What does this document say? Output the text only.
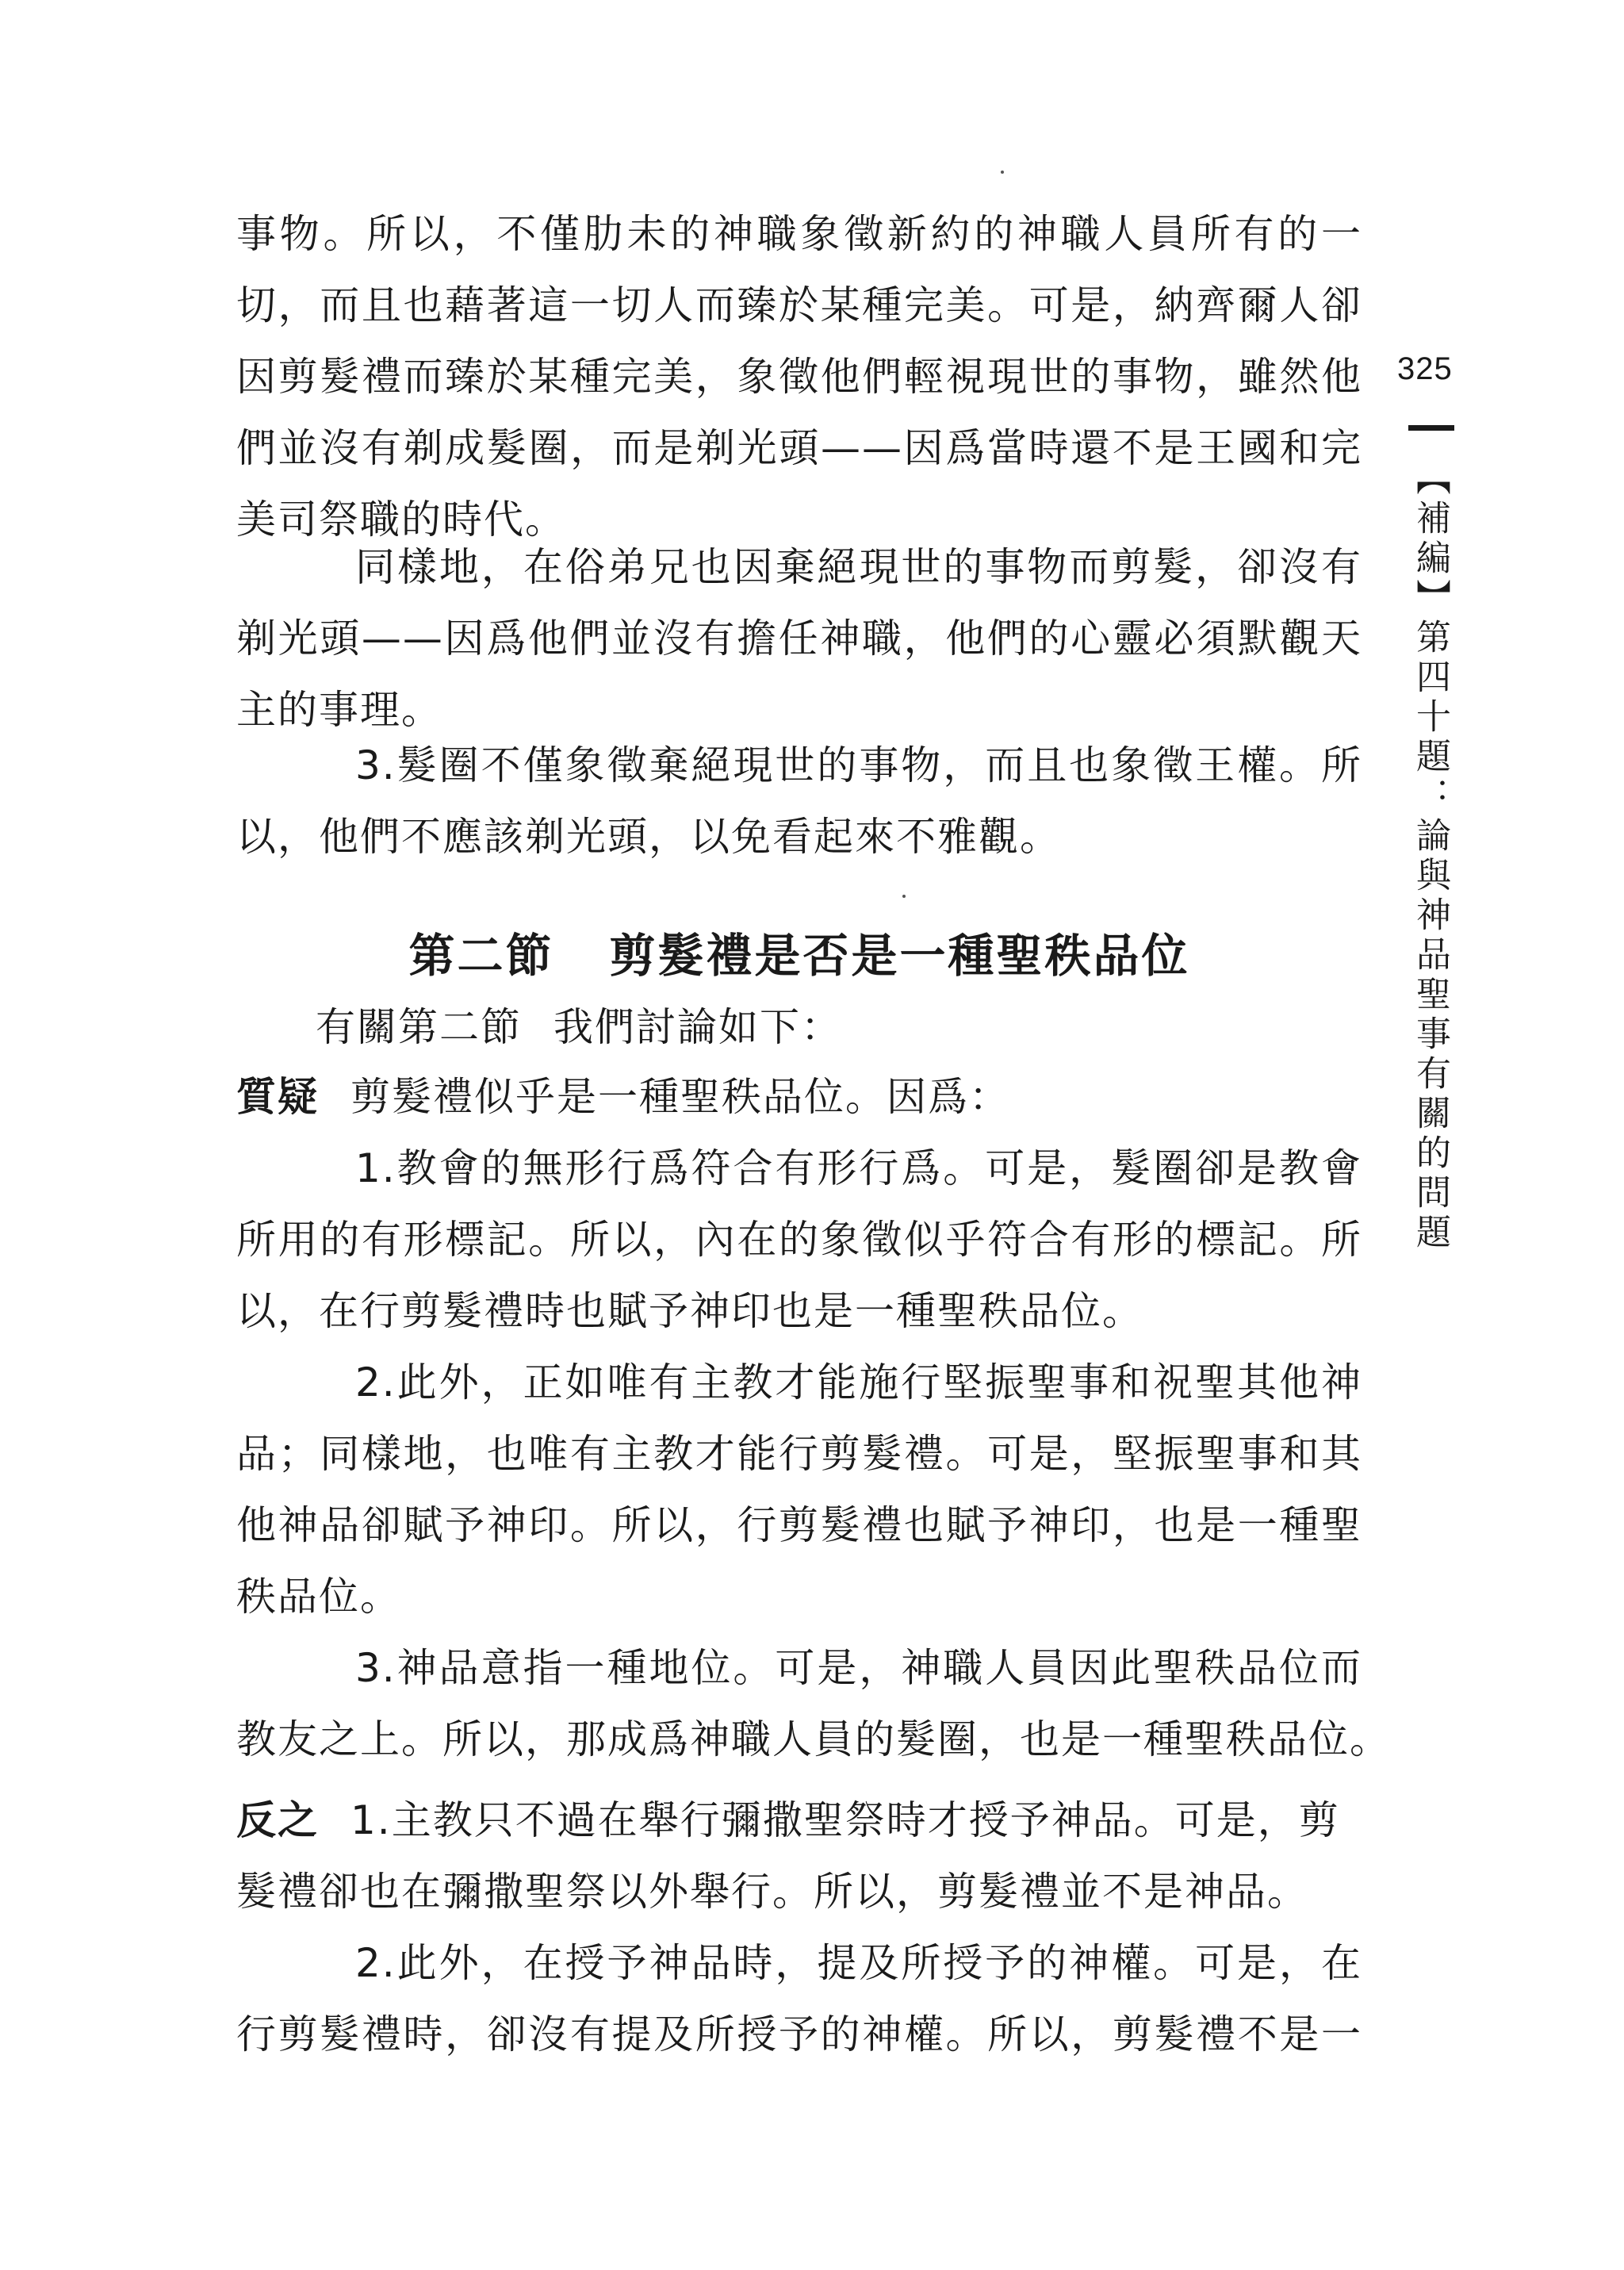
事物。所以，不僅肋未的神職象徵新約的神職人員所有的一
切，而且也藉著這一切人而臻於某種完美。可是，納齊爾人卻
因剪髮禮而臻於某種完美，象徵他們輕視現世的事物，雖然他
們並沒有剃成髮圈，而是剃光頭——因爲當時還不是王國和完
美司祭職的時代。
同樣地，在俗弟兄也因棄絕現世的事物而剪髮，卻沒有
剃光頭——因爲他們並沒有擔任神職，他們的心靈必須默觀天
主的事理。
3.髮圈不僅象徵棄絕現世的事物，而且也象徵王權。所
以，他們不應該剃光頭，以免看起來不雅觀。
第二節 剪髮禮是否是一種聖秩品位
有關第二節 我們討論如下：
質疑 剪髮禮似乎是一種聖秩品位。因爲：
1.教會的無形行爲符合有形行爲。可是，髮圈卻是教會
所用的有形標記。所以，內在的象徵似乎符合有形的標記。所
以，在行剪髮禮時也賦予神印也是一種聖秩品位。
2.此外，正如唯有主教才能施行堅振聖事和祝聖其他神
品；同樣地，也唯有主教才能行剪髮禮。可是，堅振聖事和其
他神品卻賦予神印。所以，行剪髮禮也賦予神印，也是一種聖
秩品位。
3.神品意指一種地位。可是，神職人員因此聖秩品位而
教友之上。所以，那成爲神職人員的髮圈，也是一種聖秩品位。
反之 1.主教只不過在舉行彌撒聖祭時才授予神品。可是，剪
髮禮卻也在彌撒聖祭以外舉行。所以，剪髮禮並不是神品。
2.此外，在授予神品時，提及所授予的神權。可是，在
行剪髮禮時，卻沒有提及所授予的神權。所以，剪髮禮不是一
325
【補編】第四十題：論與神品聖事有關的問題
